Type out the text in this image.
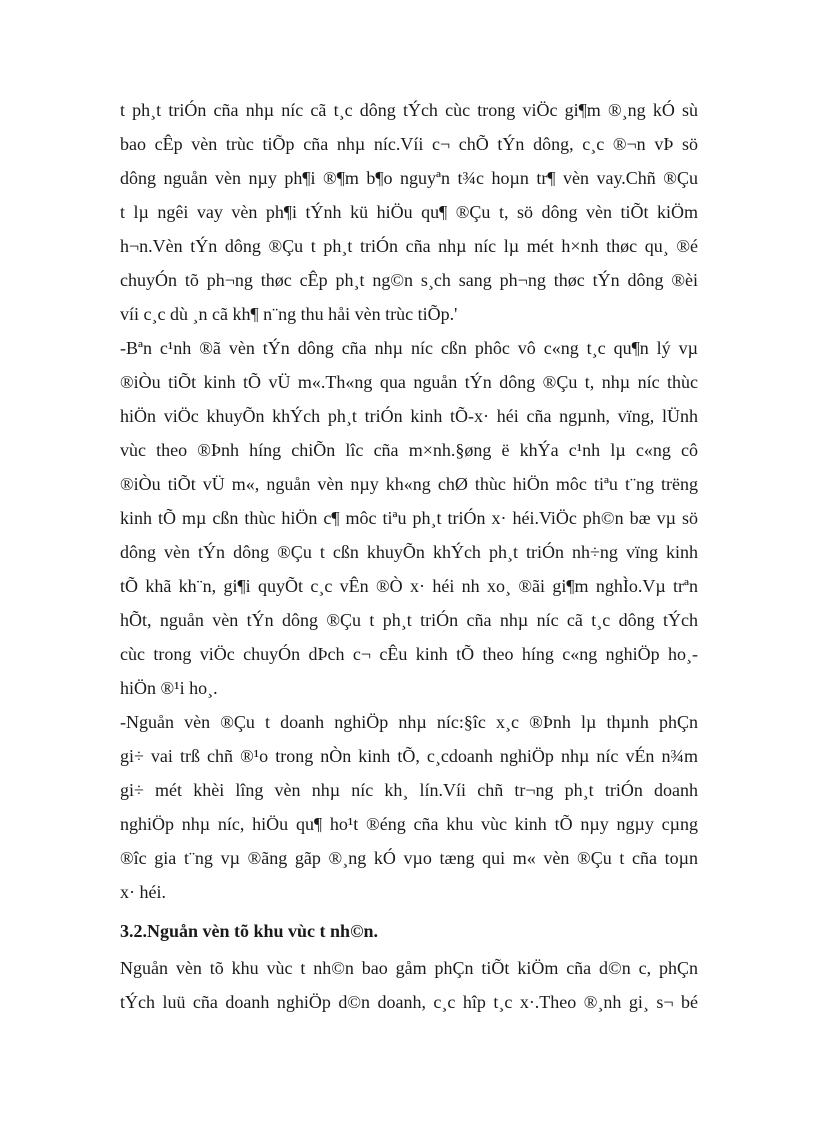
t ph¸t triÓn cña nhµ níc cã t¸c dông tÝch cùc trong viÖc gi¶m ®¸ng kÓ sù
bao cÊp vèn trùc tiÕp cña nhµ níc.Víi c¬ chÕ tÝn dông, c¸c ®¬n vÞ sö
dông nguån vèn nµy ph¶i ®¶m b¶o nguyªn t¾c hoµn tr¶ vèn vay.Chñ ®Çu
t lµ ngêi vay vèn ph¶i tÝnh kü hiÖu qu¶ ®Çu t, sö dông vèn tiÕt kiÖm
h¬n.Vèn tÝn dông ®Çu t ph¸t triÓn cña nhµ níc lµ mét h×nh thøc qu¸ ®é
chuyÓn tõ ph¬ng thøc cÊp ph¸t ng©n s¸ch sang ph¬ng thøc tÝn dông ®èi
víi c¸c dù ¸n cã kh¶ n¨ng thu håi vèn trùc tiÕp.'
-Bªn c¹nh ®ã vèn tÝn dông cña nhµ níc cßn phôc vô c«ng t¸c qu¶n lý vµ
®iÒu tiÕt kinh tÕ vÜ m«.Th«ng qua nguån tÝn dông ®Çu t, nhµ níc thùc
hiÖn viÖc khuyÕn khÝch ph¸t triÓn kinh tÕ-x· héi cña ngµnh, vïng, lÜnh
vùc theo ®Þnh híng chiÕn lîc cña m×nh.§øng ë khÝa c¹nh lµ c«ng cô
®iÒu tiÕt vÜ m«, nguån vèn nµy kh«ng chØ thùc hiÖn môc tiªu t¨ng trëng
kinh tÕ mµ cßn thùc hiÖn c¶ môc tiªu ph¸t triÓn x· héi.ViÖc ph©n bæ vµ sö
dông vèn tÝn dông ®Çu t cßn khuyÕn khÝch ph¸t triÓn nh÷ng vïng kinh
tÕ khã kh¨n, gi¶i quyÕt c¸c vÊn ®Ò x· héi nh xo¸ ®ãi gi¶m nghÌo.Vµ trªn
hÕt, nguån vèn tÝn dông ®Çu t ph¸t triÓn cña nhµ níc cã t¸c dông tÝch
cùc trong viÖc chuyÓn dÞch c¬ cÊu kinh tÕ theo híng c«ng nghiÖp ho¸-
hiÖn ®¹i ho¸.
-Nguån vèn ®Çu t doanh nghiÖp nhµ níc:§îc x¸c ®Þnh lµ thµnh phÇn
gi÷ vai trß chñ ®¹o trong nÒn kinh tÕ, c¸cdoanh nghiÖp nhµ níc vÉn n¾m
gi÷ mét khèi lîng vèn nhµ níc kh¸ lín.Víi chñ tr¬ng ph¸t triÓn doanh
nghiÖp nhµ níc, hiÖu qu¶ ho¹t ®éng cña khu vùc kinh tÕ nµy ngµy cµng
®îc gia t¨ng vµ ®ãng gãp ®¸ng kÓ vµo tæng qui m« vèn ®Çu t cña toµn
x· héi.
3.2.Nguån vèn tõ khu vùc t nh©n.
Nguån vèn tõ khu vùc t nh©n bao gåm phÇn tiÕt kiÖm cña d©n c, phÇn
tÝch luü cña doanh nghiÖp d©n doanh, c¸c hîp t¸c x·.Theo ®¸nh gi¸ s¬ bé
